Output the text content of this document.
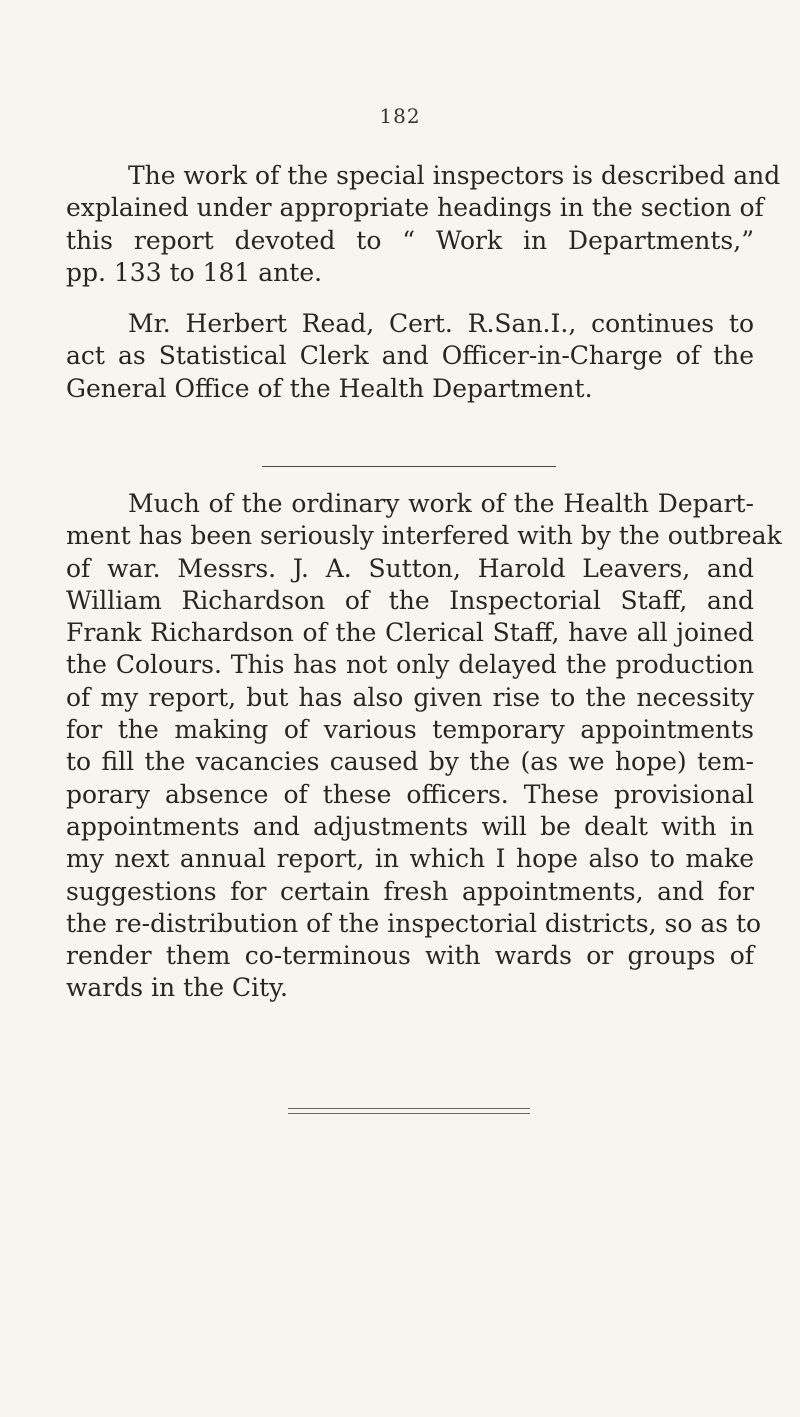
182

The work of the special inspectors is described and
explained under appropriate headings in the section of
this report devoted to “ Work in Departments,”
pp. 133 to 181 ante.

Mr. Herbert Read, Cert. R.San.I., continues to
act as Statistical Clerk and Officer-in-Charge of the
General Office of the Health Department.

Much of the ordinary work of the Health Depart-
ment has been seriously interfered with by the outbreak
of war. Messrs. J. A. Sutton, Harold Leavers, and
William Richardson of the Inspectorial Staff, and
Frank Richardson of the Clerical Staff, have all joined
the Colours. This has not only delayed the production
of my report, but has also given rise to the necessity
for the making of various temporary appointments
to fill the vacancies caused by the (as we hope) tem-
porary absence of these officers. These provisional
appointments and adjustments will be dealt with in
my next annual report, in which I hope also to make
suggestions for certain fresh appointments, and for
the re-distribution of the inspectorial districts, so as to
render them co-terminous with wards or groups of
wards in the City.
